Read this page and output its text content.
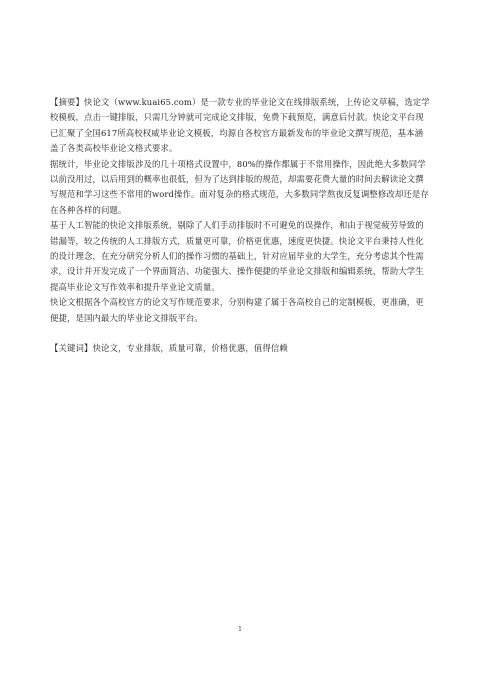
【摘要】快论文（www.kuai65.com）是一款专业的毕业论文在线排版系统，上传论文草稿，选定学校模板，点击一键排版，只需几分钟就可完成论文排版，免费下载预览，满意后付款。快论文平台现已汇聚了全国617所高校权威毕业论文模板，均源自各校官方最新发布的毕业论文撰写规范，基本涵盖了各类高校毕业论文格式要求。

据统计，毕业论文排版涉及的几十项格式设置中，80%的操作都属于不常用操作，因此绝大多数同学以前没用过，以后用到的概率也很低，但为了达到排版的规范，却需要花费大量的时间去解读论文撰写规范和学习这些不常用的word操作。面对复杂的格式规范，大多数同学熬夜反复调整修改却还是存在各种各样的问题。

基于人工智能的快论文排版系统，剔除了人们手动排版时不可避免的误操作，和由于视觉疲劳导致的错漏等，较之传统的人工排版方式，质量更可靠，价格更优惠，速度更快捷。快论文平台秉持人性化的设计理念，在充分研究分析人们的操作习惯的基础上，针对应届毕业的大学生，充分考虑其个性需求，设计并开发完成了一个界面简洁、功能强大、操作便捷的毕业论文排版和编辑系统，帮助大学生提高毕业论文写作效率和提升毕业论文质量。

快论文根据各个高校官方的论文写作规范要求，分别构建了属于各高校自己的定制模板，更准确，更便捷，是国内最大的毕业论文排版平台。

【关键词】快论文，专业排版，质量可靠，价格优惠，值得信赖

1
